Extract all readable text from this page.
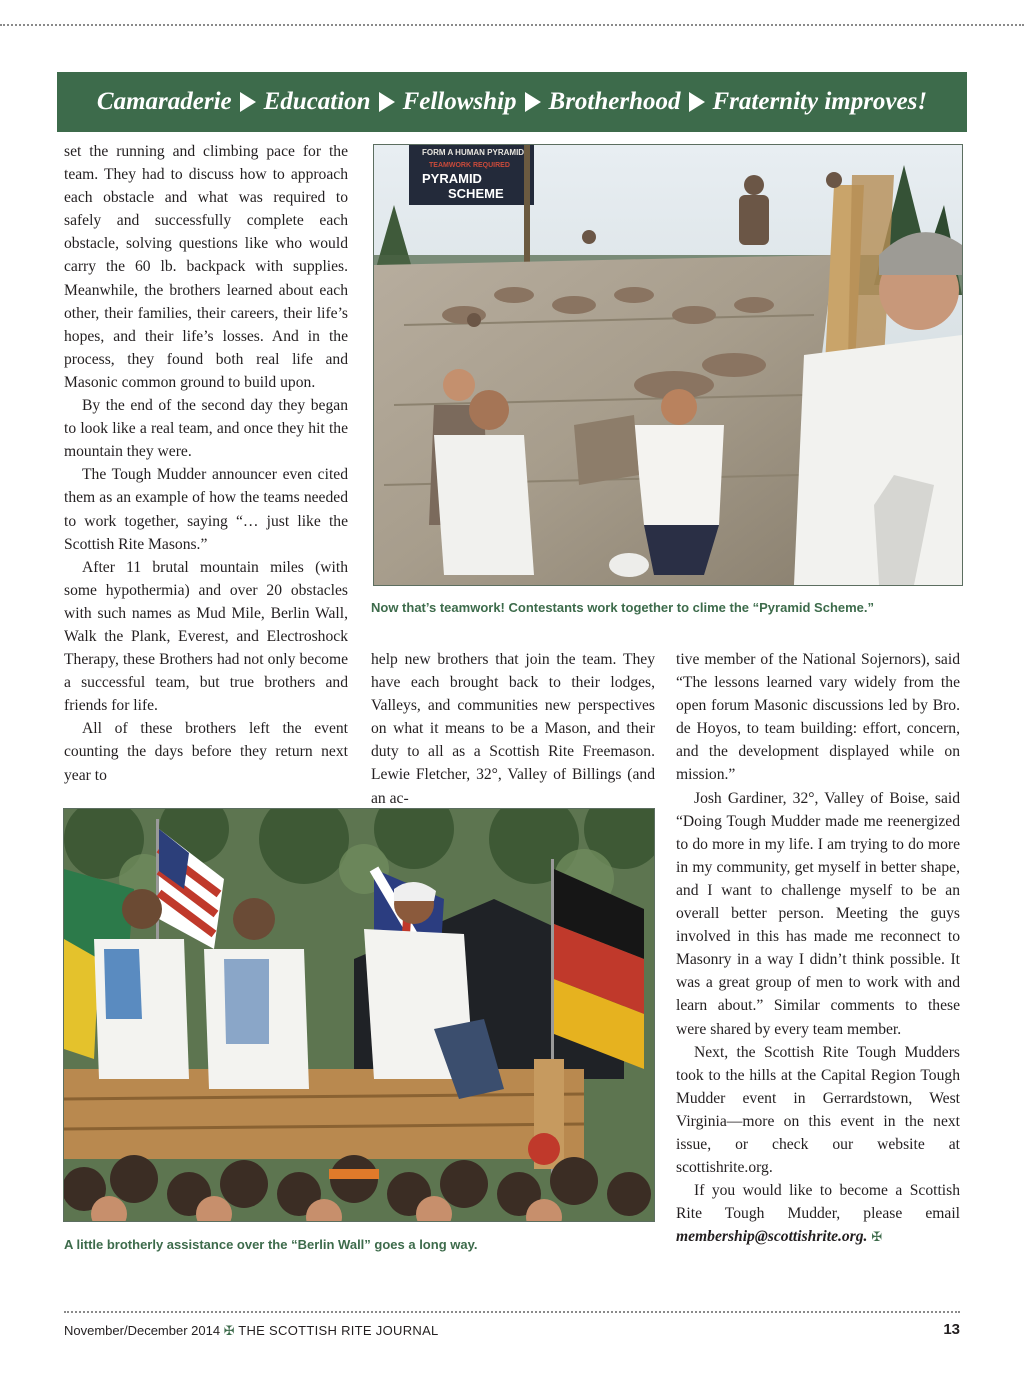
Camaraderie Education Fellowship Brotherhood Fraternity improves!

set the running and climbing pace for the team. They had to discuss how to approach each obstacle and what was required to safely and successfully complete each obstacle, solving questions like who would carry the 60 lb. backpack with supplies. Meanwhile, the brothers learned about each other, their families, their careers, their life’s hopes, and their life’s losses. And in the process, they found both real life and Masonic common ground to build upon.

By the end of the second day they began to look like a real team, and once they hit the mountain they were.

The Tough Mudder announcer even cited them as an example of how the teams needed to work together, saying “… just like the Scottish Rite Masons.”

After 11 brutal mountain miles (with some hypothermia) and over 20 obstacles with such names as Mud Mile, Berlin Wall, Walk the Plank, Everest, and Electroshock Therapy, these Brothers had not only become a successful team, but true brothers and friends for life.

All of these brothers left the event counting the days before they return next year to

FORM A HUMAN PYRAMID
TEAMWORK REQUIRED
PYRAMID
SCHEME
Now that’s teamwork! Contestants work together to clime the “Pyramid Scheme.”

help new brothers that join the team. They have each brought back to their lodges, Valleys, and communities new perspectives on what it means to be a Mason, and their duty to all as a Scottish Rite Freemason. Lewie Fletcher, 32°, Valley of Billings (and an ac-

tive member of the National Sojernors), said “The lessons learned vary widely from the open forum Masonic discussions led by Bro. de Hoyos, to team building: effort, concern, and the development displayed while on mission.”

Josh Gardiner, 32°, Valley of Boise, said “Doing Tough Mudder made me reenergized to do more in my life. I am trying to do more in my community, get myself in better shape, and I want to challenge myself to be an overall better person. Meeting the guys involved in this has made me reconnect to Masonry in a way I didn’t think possible. It was a great group of men to work with and learn about.” Similar comments to these were shared by every team member.

Next, the Scottish Rite Tough Mudders took to the hills at the Capital Region Tough Mudder event in Gerrardstown, West Virginia—more on this event in the next issue, or check our website at scottishrite.org.

If you would like to become a Scottish Rite Tough Mudder, please email membership@scottishrite.org. ✠

A little brotherly assistance over the “Berlin Wall” goes a long way.
November/December 2014 ✠ THE SCOTTISH RITE JOURNAL	13
